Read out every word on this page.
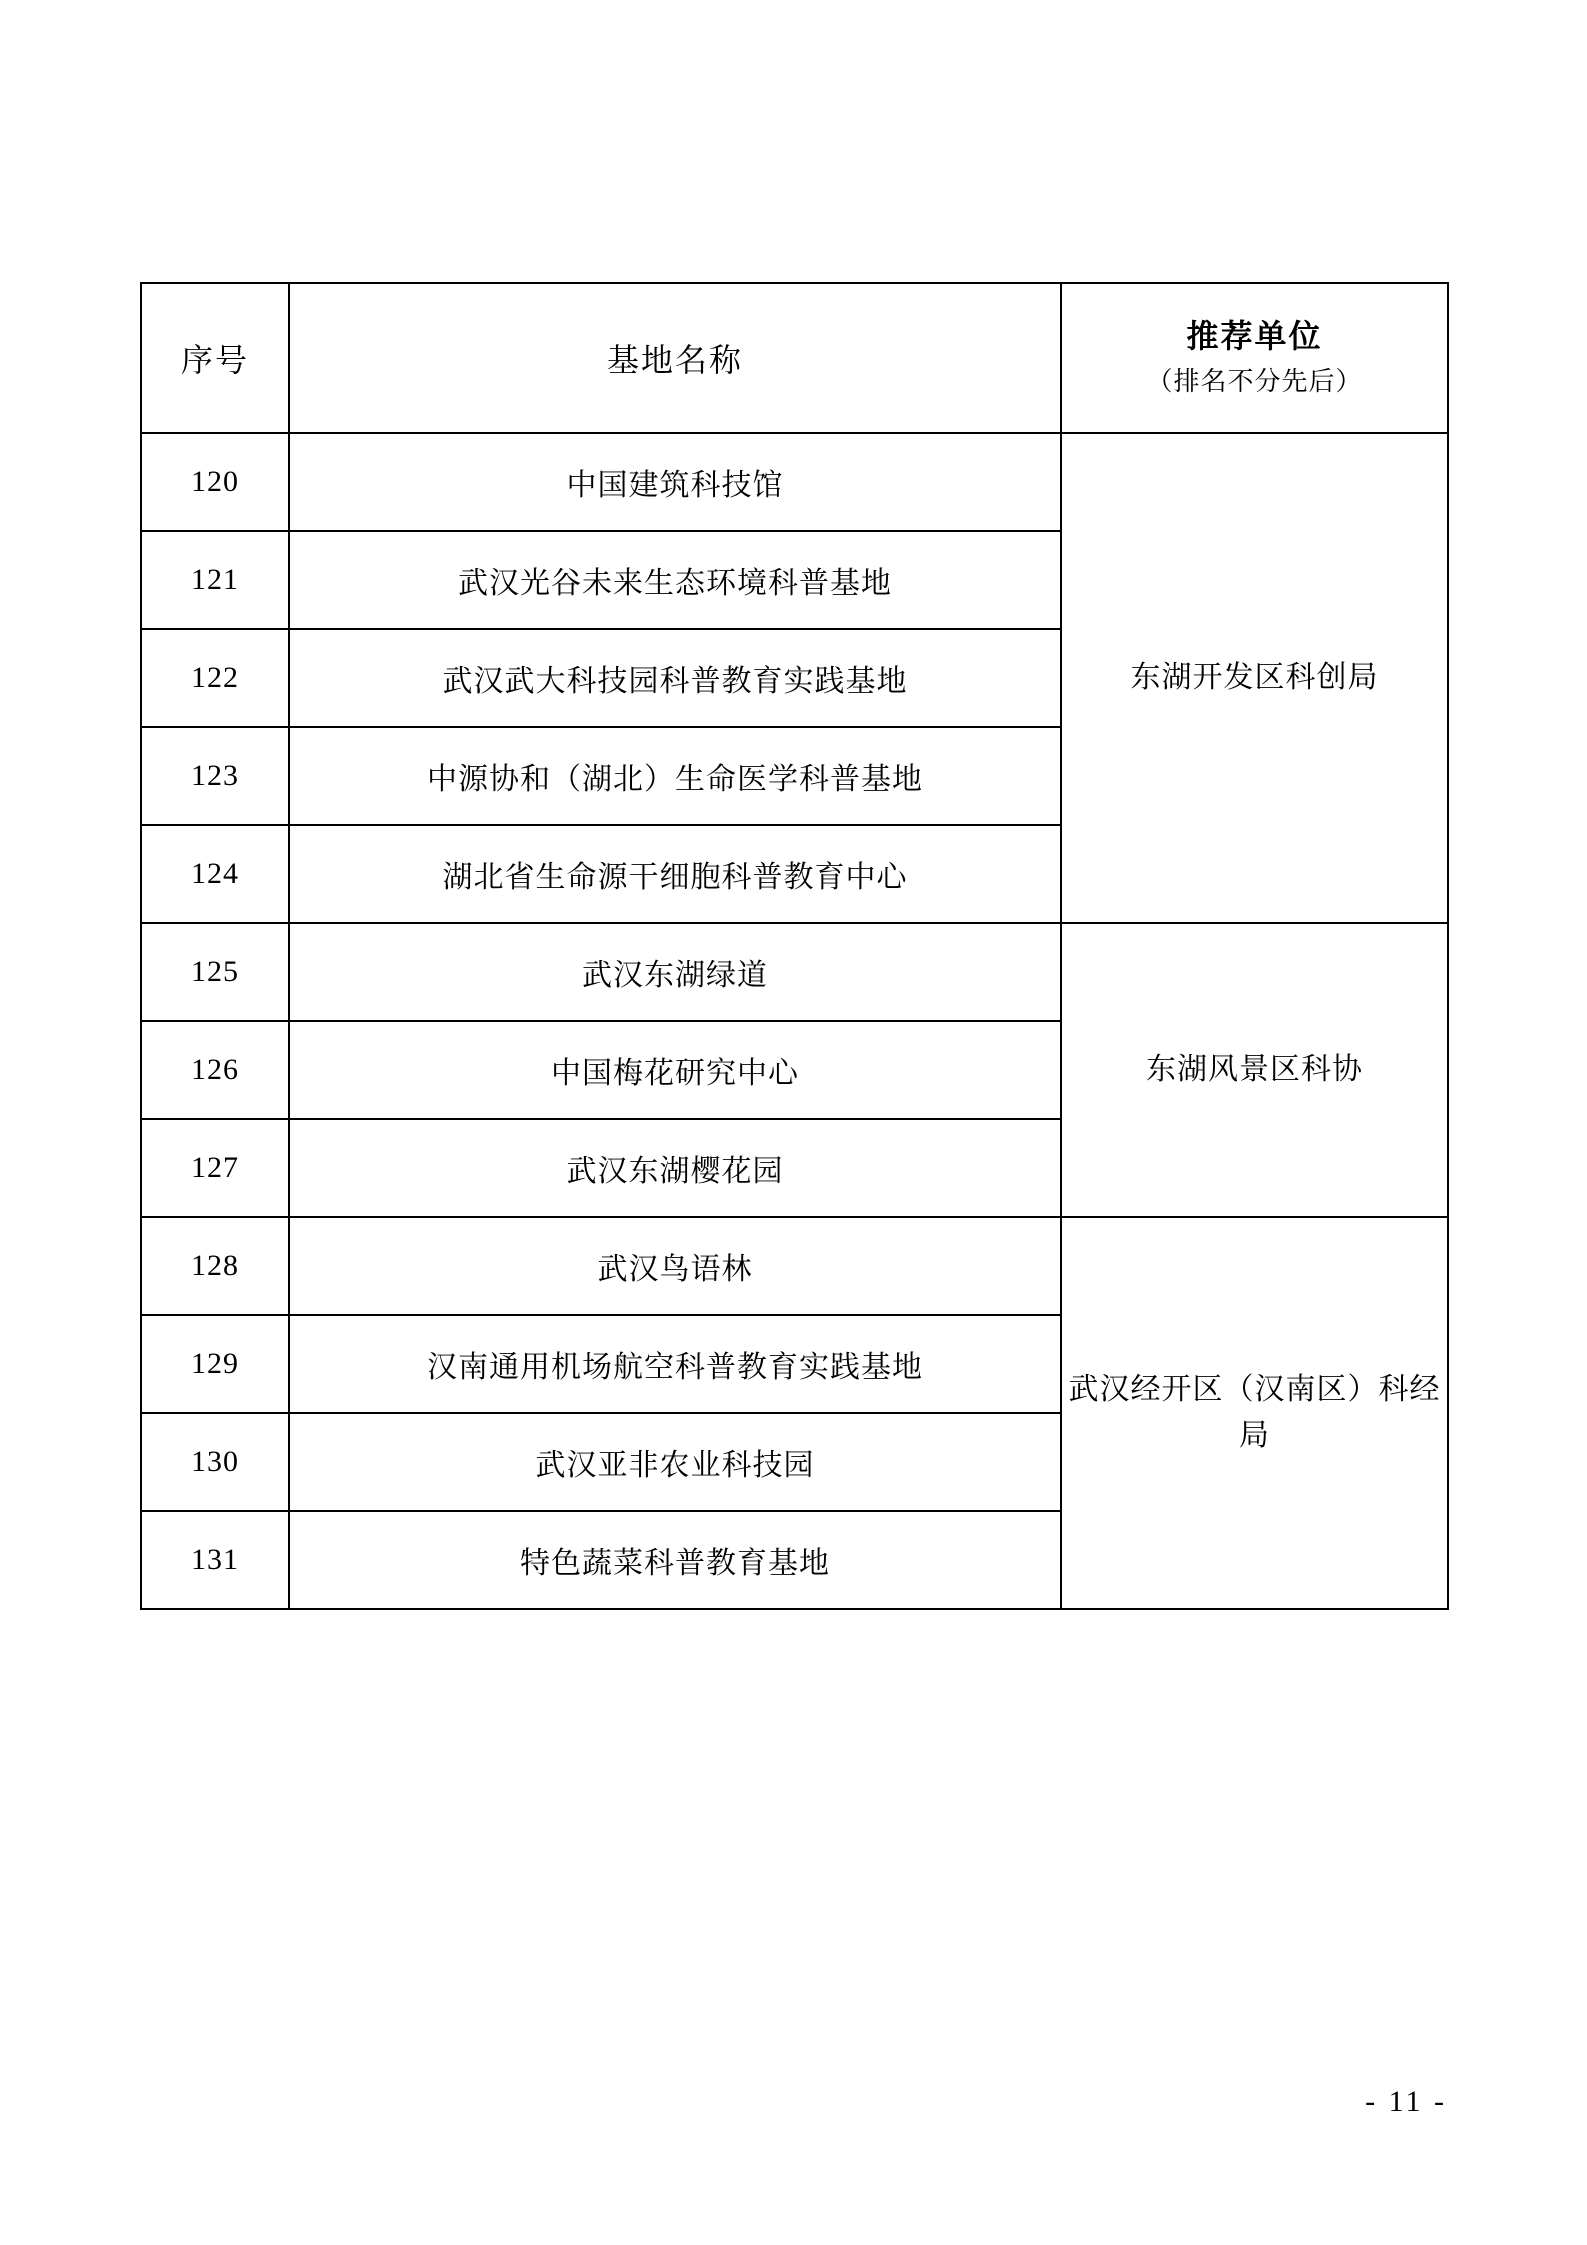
序号	基地名称	推荐单位
（排名不分先后）

120	中国建筑科技馆	东湖开发区科创局
121	武汉光谷未来生态环境科普基地	
122	武汉武大科技园科普教育实践基地	
123	中源协和（湖北）生命医学科普基地	
124	湖北省生命源干细胞科普教育中心	
125	武汉东湖绿道	东湖风景区科协
126	中国梅花研究中心	
127	武汉东湖樱花园	
128	武汉鸟语林	武汉经开区（汉南区）科经局
129	汉南通用机场航空科普教育实践基地	
130	武汉亚非农业科技园	
131	特色蔬菜科普教育基地	
- 11 -
